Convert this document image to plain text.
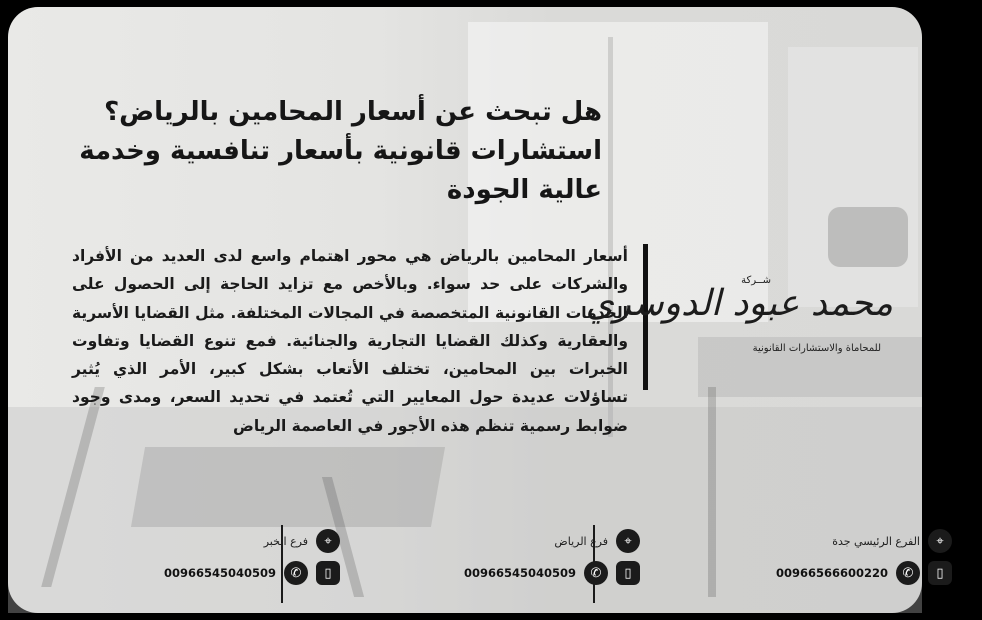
هل تبحث عن أسعار المحامين بالرياض؟
استشارات قانونية بأسعار تنافسية وخدمة
عالية الجودة
أسعار المحامين بالرياض هي محور اهتمام واسع لدى العديد من الأفراد والشركات على حد سواء. وبالأخص مع تزايد الحاجة إلى الحصول على الخدمات القانونية المتخصصة في المجالات المختلفة. مثل القضايا الأسرية والعقارية وكذلك القضايا التجارية والجنائية. فمع تنوع القضايا وتفاوت الخبرات بين المحامين، تختلف الأتعاب بشكل كبير، الأمر الذي يُثير تساؤلات عديدة حول المعايير التي تُعتمد في تحديد السعر، ومدى وجود ضوابط رسمية تنظم هذه الأجور في العاصمة الرياض
شــركة
محمد عبود الدوسري
للمحاماة والاستشارات القانونية
⌖
الفرع الرئيسي جدة
▯
✆
00966566600220
⌖
فرع الرياض
▯
✆
00966545040509
⌖
فرع الخبر
▯
✆
00966545040509
